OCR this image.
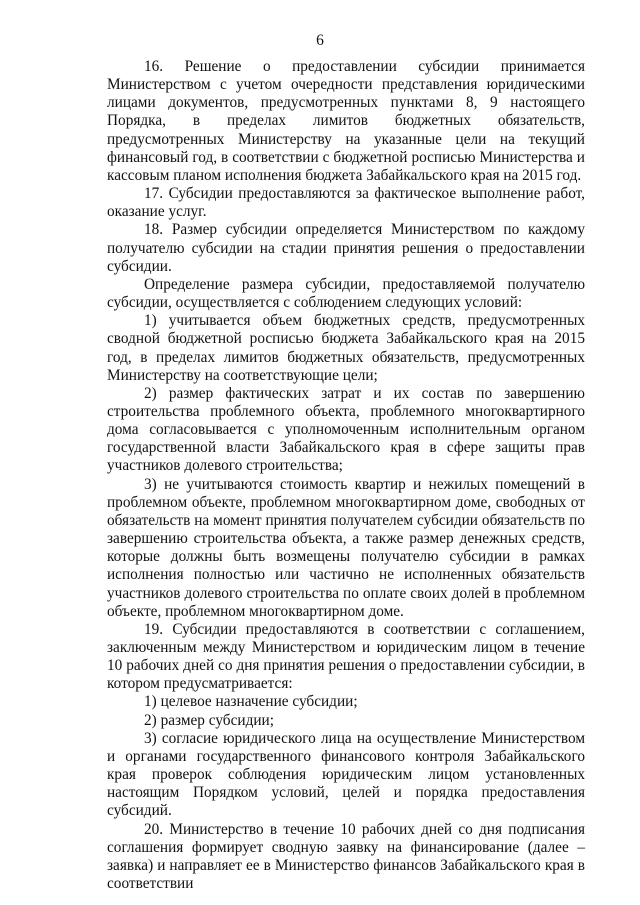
6

16. Решение о предоставлении субсидии принимается Министерством с учетом очередности представления юридическими лицами документов, предусмотренных пунктами 8, 9 настоящего Порядка, в пределах лимитов бюджетных обязательств, предусмотренных Министерству на указанные цели на текущий финансовый год, в соответствии с бюджетной росписью Министерства и кассовым планом исполнения бюджета Забайкальского края на 2015 год.

17. Субсидии предоставляются за фактическое выполнение работ, оказание услуг.

18. Размер субсидии определяется Министерством по каждому получателю субсидии на стадии принятия решения о предоставлении субсидии.

Определение размера субсидии, предоставляемой получателю субсидии, осуществляется с соблюдением следующих условий:

1) учитывается объем бюджетных средств, предусмотренных сводной бюджетной росписью бюджета Забайкальского края на 2015 год, в пределах лимитов бюджетных обязательств, предусмотренных Министерству на соответствующие цели;

2) размер фактических затрат и их состав по завершению строительства проблемного объекта, проблемного многоквартирного дома согласовывается с уполномоченным исполнительным органом государственной власти Забайкальского края в сфере защиты прав участников долевого строительства;

3) не учитываются стоимость квартир и нежилых помещений в проблемном объекте, проблемном многоквартирном доме, свободных от обязательств на момент принятия получателем субсидии обязательств по завершению строительства объекта, а также размер денежных средств, которые должны быть возмещены получателю субсидии в рамках исполнения полностью или частично не исполненных обязательств участников долевого строительства по оплате своих долей в проблемном объекте, проблемном многоквартирном доме.

19. Субсидии предоставляются в соответствии с соглашением, заключенным между Министерством и юридическим лицом в течение 10 рабочих дней со дня принятия решения о предоставлении субсидии, в котором предусматривается:

1) целевое назначение субсидии;

2) размер субсидии;

3) согласие юридического лица на осуществление Министерством и органами государственного финансового контроля Забайкальского края проверок соблюдения юридическим лицом установленных настоящим Порядком условий, целей и порядка предоставления субсидий.

20. Министерство в течение 10 рабочих дней со дня подписания соглашения формирует сводную заявку на финансирование (далее – заявка) и направляет ее в Министерство финансов Забайкальского края в соответствии
